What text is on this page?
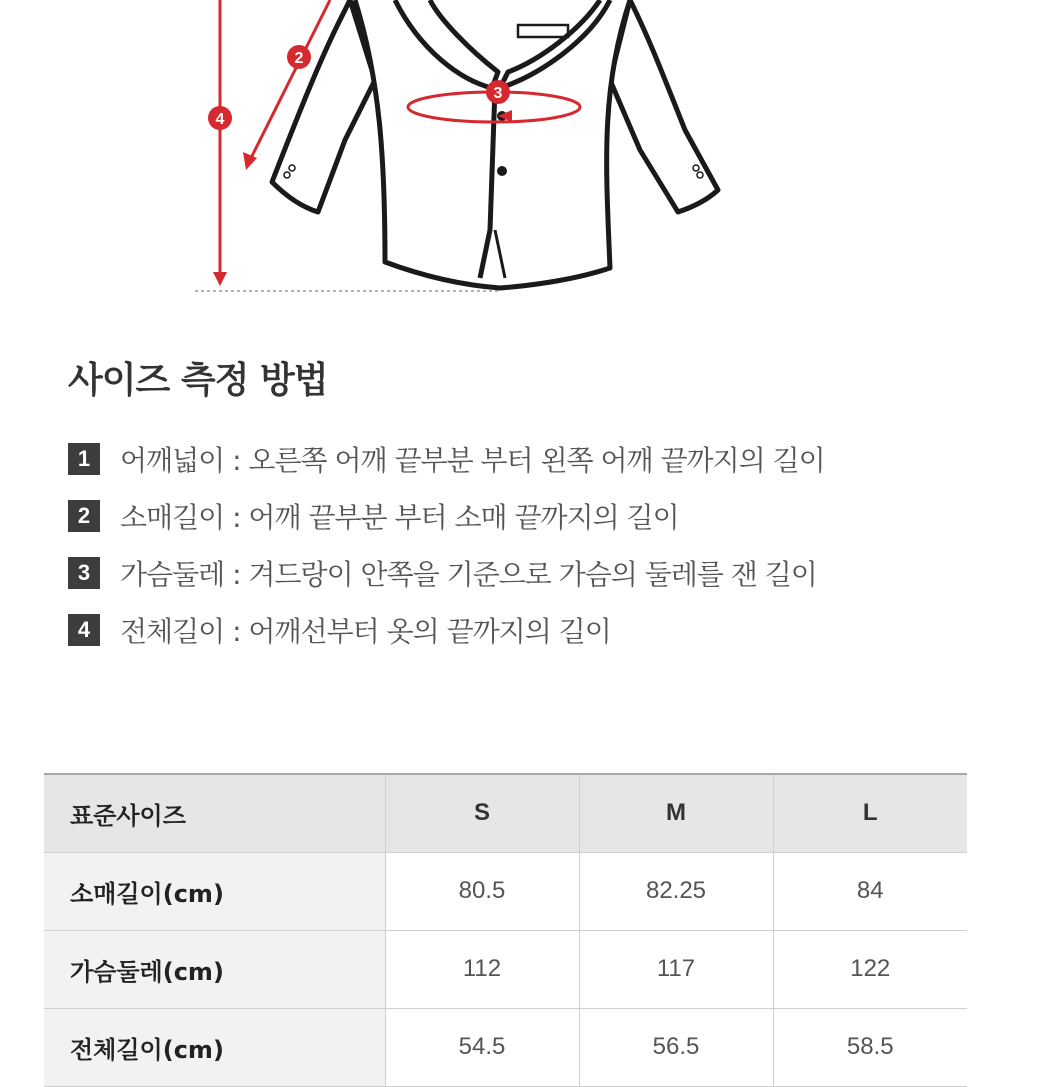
2
3
4
사이즈 측정 방법
1	어깨넓이 : 오른쪽 어깨 끝부분 부터 왼쪽 어깨 끝까지의 길이
2	소매길이 : 어깨 끝부분 부터 소매 끝까지의 길이
3	가슴둘레 : 겨드랑이 안쪽을 기준으로 가슴의 둘레를 잰 길이
4	전체길이 : 어깨선부터 옷의 끝까지의 길이
표준사이즈	S	M	L
소매길이(cm)	80.5	82.25	84
가슴둘레(cm)	112	117	122
전체길이(cm)	54.5	56.5	58.5
